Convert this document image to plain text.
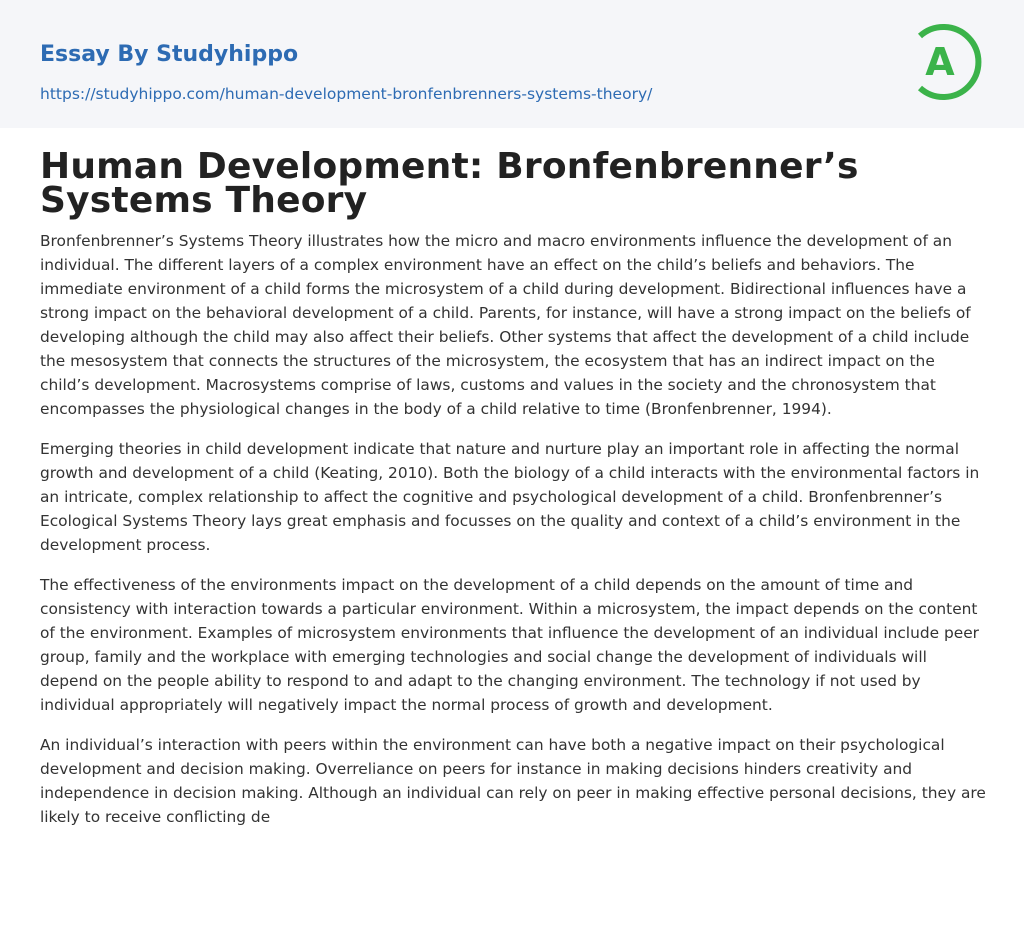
Essay By Studyhippo

https://studyhippo.com/human-development-bronfenbrenners-systems-theory/
A
Human Development: Bronfenbrenner’s Systems Theory

Bronfenbrenner’s Systems Theory illustrates how the micro and macro environments influence the development of an individual. The different layers of a complex environment have an effect on the child’s beliefs and behaviors. The immediate environment of a child forms the microsystem of a child during development. Bidirectional influences have a strong impact on the behavioral development of a child. Parents, for instance, will have a strong impact on the beliefs of developing although the child may also affect their beliefs. Other systems that affect the development of a child include the mesosystem that connects the structures of the microsystem, the ecosystem that has an indirect impact on the child’s development. Macrosystems comprise of laws, customs and values in the society and the chronosystem that encompasses the physiological changes in the body of a child relative to time (Bronfenbrenner, 1994).

Emerging theories in child development indicate that nature and nurture play an important role in affecting the normal growth and development of a child (Keating, 2010). Both the biology of a child interacts with the environmental factors in an intricate, complex relationship to affect the cognitive and psychological development of a child. Bronfenbrenner’s Ecological Systems Theory lays great emphasis and focusses on the quality and context of a child’s environment in the development process.

The effectiveness of the environments impact on the development of a child depends on the amount of time and consistency with interaction towards a particular environment. Within a microsystem, the impact depends on the content of the environment. Examples of microsystem environments that influence the development of an individual include peer group, family and the workplace with emerging technologies and social change the development of individuals will depend on the people ability to respond to and adapt to the changing environment. The technology if not used by individual appropriately will negatively impact the normal process of growth and development.

An individual’s interaction with peers within the environment can have both a negative impact on their psychological development and decision making. Overreliance on peers for instance in making decisions hinders creativity and independence in decision making. Although an individual can rely on peer in making effective personal decisions, they are likely to receive conflicting de
